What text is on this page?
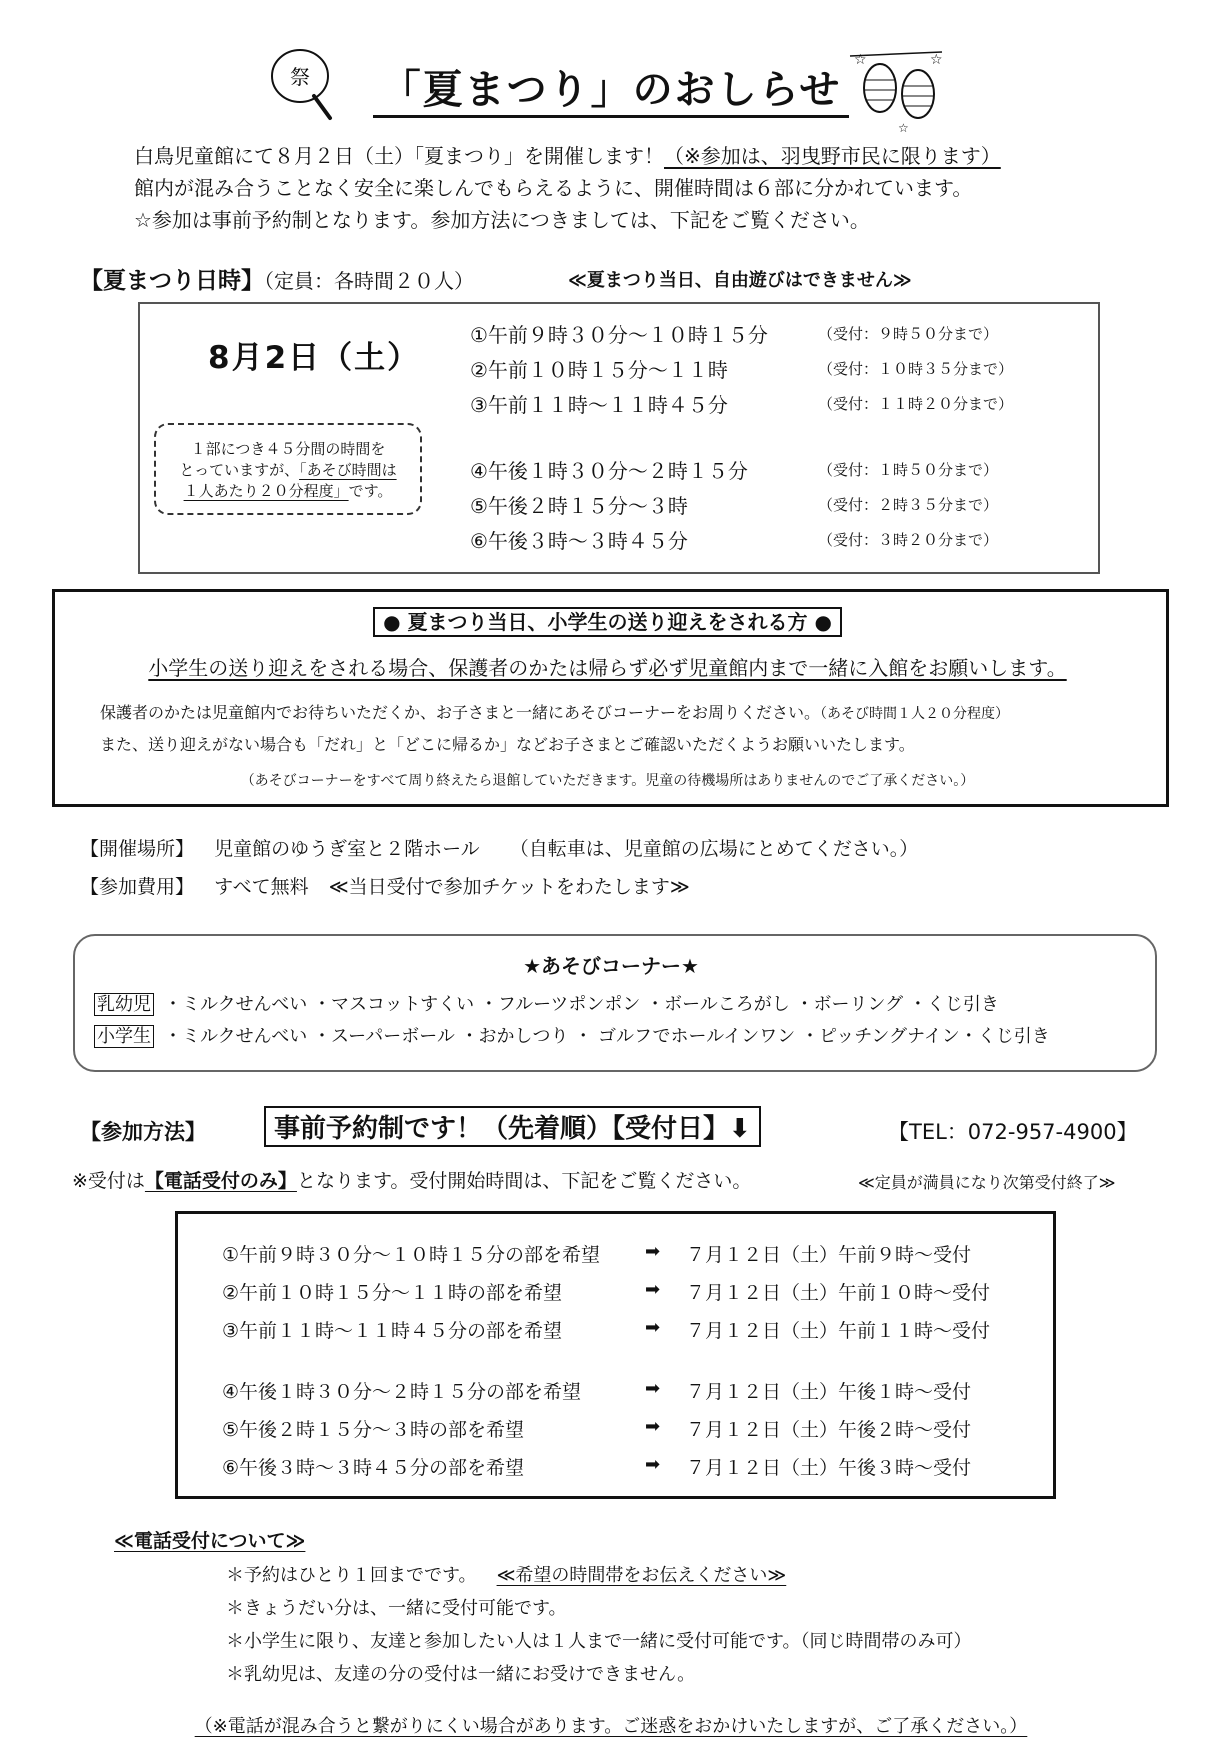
祭
☆	☆
☆
「夏まつり」のおしらせ
白鳥児童館にて８月２日（土）「夏まつり」を開催します！（※参加は、羽曳野市民に限ります）
館内が混み合うことなく安全に楽しんでもらえるように、開催時間は６部に分かれています。
☆参加は事前予約制となります。参加方法につきましては、下記をご覧ください。
【夏まつり日時】（定員：各時間２０人）	≪夏まつり当日、自由遊びはできません≫
8月2日（土）
１部につき４５分間の時間を
とっていますが、「あそび時間は
１人あたり２０分程度」です。
①午前９時３０分～１０時１５分	（受付：９時５０分まで）
②午前１０時１５分～１１時	（受付：１０時３５分まで）
③午前１１時～１１時４５分	（受付：１１時２０分まで）
④午後１時３０分～２時１５分	（受付：１時５０分まで）
⑤午後２時１５分～３時	（受付：２時３５分まで）
⑥午後３時～３時４５分	（受付：３時２０分まで）
● 夏まつり当日、小学生の送り迎えをされる方 ●
小学生の送り迎えをされる場合、保護者のかたは帰らず必ず児童館内まで一緒に入館をお願いします。
保護者のかたは児童館内でお待ちいただくか、お子さまと一緒にあそびコーナーをお周りください。（あそび時間１人２０分程度）
また、送り迎えがない場合も「だれ」と「どこに帰るか」などお子さまとご確認いただくようお願いいたします。
（あそびコーナーをすべて周り終えたら退館していただきます。児童の待機場所はありませんのでご了承ください。）
【開催場所】 児童館のゆうぎ室と２階ホール （自転車は、児童館の広場にとめてください。）
【参加費用】 すべて無料 ≪当日受付で参加チケットをわたします≫
★あそびコーナー★
乳幼児 ・ミルクせんべい ・マスコットすくい ・フルーツポンポン ・ボールころがし ・ボーリング ・くじ引き
小学生 ・ミルクせんべい ・スーパーボール ・おかしつり ・ ゴルフでホールインワン ・ピッチングナイン・くじ引き
【参加方法】	事前予約制です！（先着順）【受付日】⬇	【TEL：072-957-4900】
※受付は【電話受付のみ】となります。受付開始時間は、下記をご覧ください。	≪定員が満員になり次第受付終了≫
①午前９時３０分～１０時１５分の部を希望 ➡ ７月１２日（土）午前９時～受付
②午前１０時１５分～１１時の部を希望	➡ ７月１２日（土）午前１０時～受付
③午前１１時～１１時４５分の部を希望	➡ ７月１２日（土）午前１１時～受付
④午後１時３０分～２時１５分の部を希望	➡ ７月１２日（土）午後１時～受付
⑤午後２時１５分～３時の部を希望	➡ ７月１２日（土）午後２時～受付
⑥午後３時～３時４５分の部を希望	➡ ７月１２日（土）午後３時～受付
≪電話受付について≫
＊予約はひとり１回までです。 ≪希望の時間帯をお伝えください≫
＊きょうだい分は、一緒に受付可能です。
＊小学生に限り、友達と参加したい人は１人まで一緒に受付可能です。（同じ時間帯のみ可）
＊乳幼児は、友達の分の受付は一緒にお受けできません。
（※電話が混み合うと繋がりにくい場合があります。ご迷惑をおかけいたしますが、ご了承ください。）
